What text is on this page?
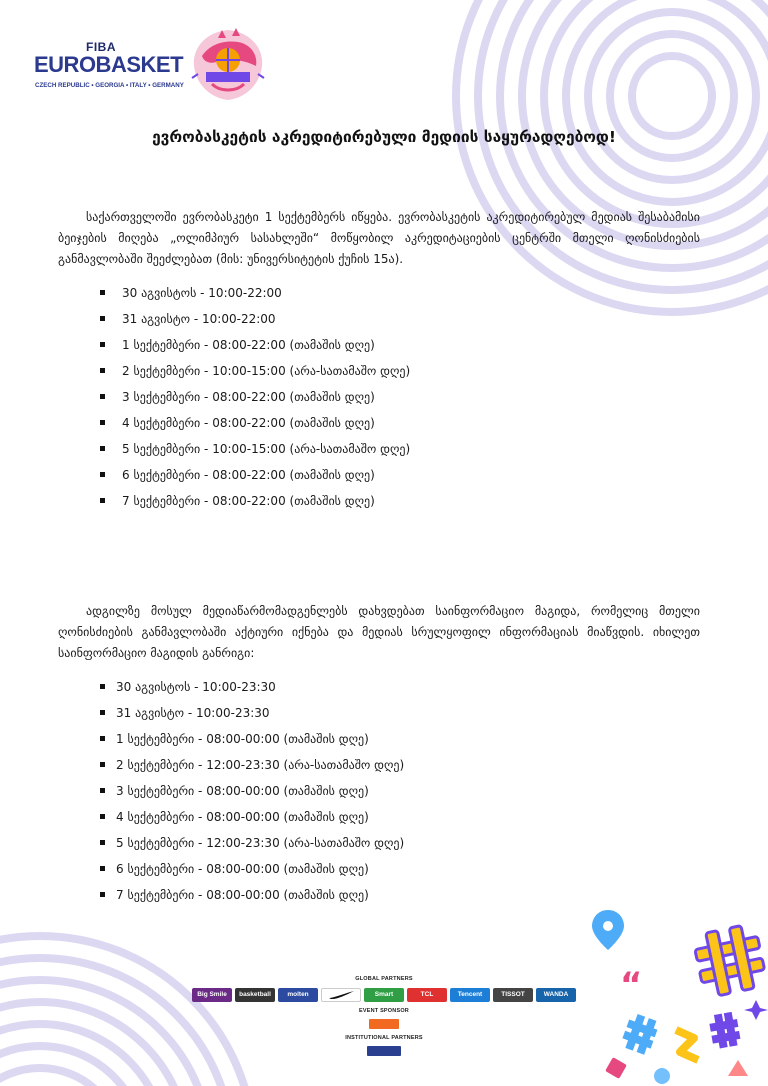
FIBA
EUROBASKET
CZECH REPUBLIC • GEORGIA • ITALY • GERMANY
ევრობასკეტის აკრედიტირებული მედიის საყურადღებოდ!

საქართველოში ევრობასკეტი 1 სექტემბერს იწყება. ევრობასკეტის აკრედიტირებულ მედიას შესაბამისი ბეიჯების მიღება „ოლიმპიურ სასახლეში“ მოწყობილ აკრედიტაციების ცენტრში მთელი ღონისძიების განმავლობაში შეეძლებათ (მის: უნივერსიტეტის ქუჩის 15ა).

30 აგვისტოს - 10:00-22:00
31 აგვისტო - 10:00-22:00
1 სექტემბერი - 08:00-22:00 (თამაშის დღე)
2 სექტემბერი - 10:00-15:00 (არა-სათამაშო დღე)
3 სექტემბერი - 08:00-22:00 (თამაშის დღე)
4 სექტემბერი - 08:00-22:00 (თამაშის დღე)
5 სექტემბერი - 10:00-15:00 (არა-სათამაშო დღე)
6 სექტემბერი - 08:00-22:00 (თამაშის დღე)
7 სექტემბერი - 08:00-22:00 (თამაშის დღე)

ადგილზე მოსულ მედიაწარმომადგენლებს დახვდებათ საინფორმაციო მაგიდა, რომელიც მთელი ღონისძიების განმავლობაში აქტიური იქნება და მედიას სრულყოფილ ინფორმაციას მიაწვდის. იხილეთ საინფორმაციო მაგიდის განრიგი:

30 აგვისტოს - 10:00-23:30
31 აგვისტო - 10:00-23:30
1 სექტემბერი - 08:00-00:00 (თამაშის დღე)
2 სექტემბერი - 12:00-23:30 (არა-სათამაშო დღე)
3 სექტემბერი - 08:00-00:00 (თამაშის დღე)
4 სექტემბერი - 08:00-00:00 (თამაშის დღე)
5 სექტემბერი - 12:00-23:30 (არა-სათამაშო დღე)
6 სექტემბერი - 08:00-00:00 (თამაშის დღე)
7 სექტემბერი - 08:00-00:00 (თამაშის დღე)
GLOBAL PARTNERS
Big Smile	basketball	molten	Smart	TCL	Tencent	TISSOT	WANDA
EVENT SPONSOR
INSTITUTIONAL PARTNERS
“
